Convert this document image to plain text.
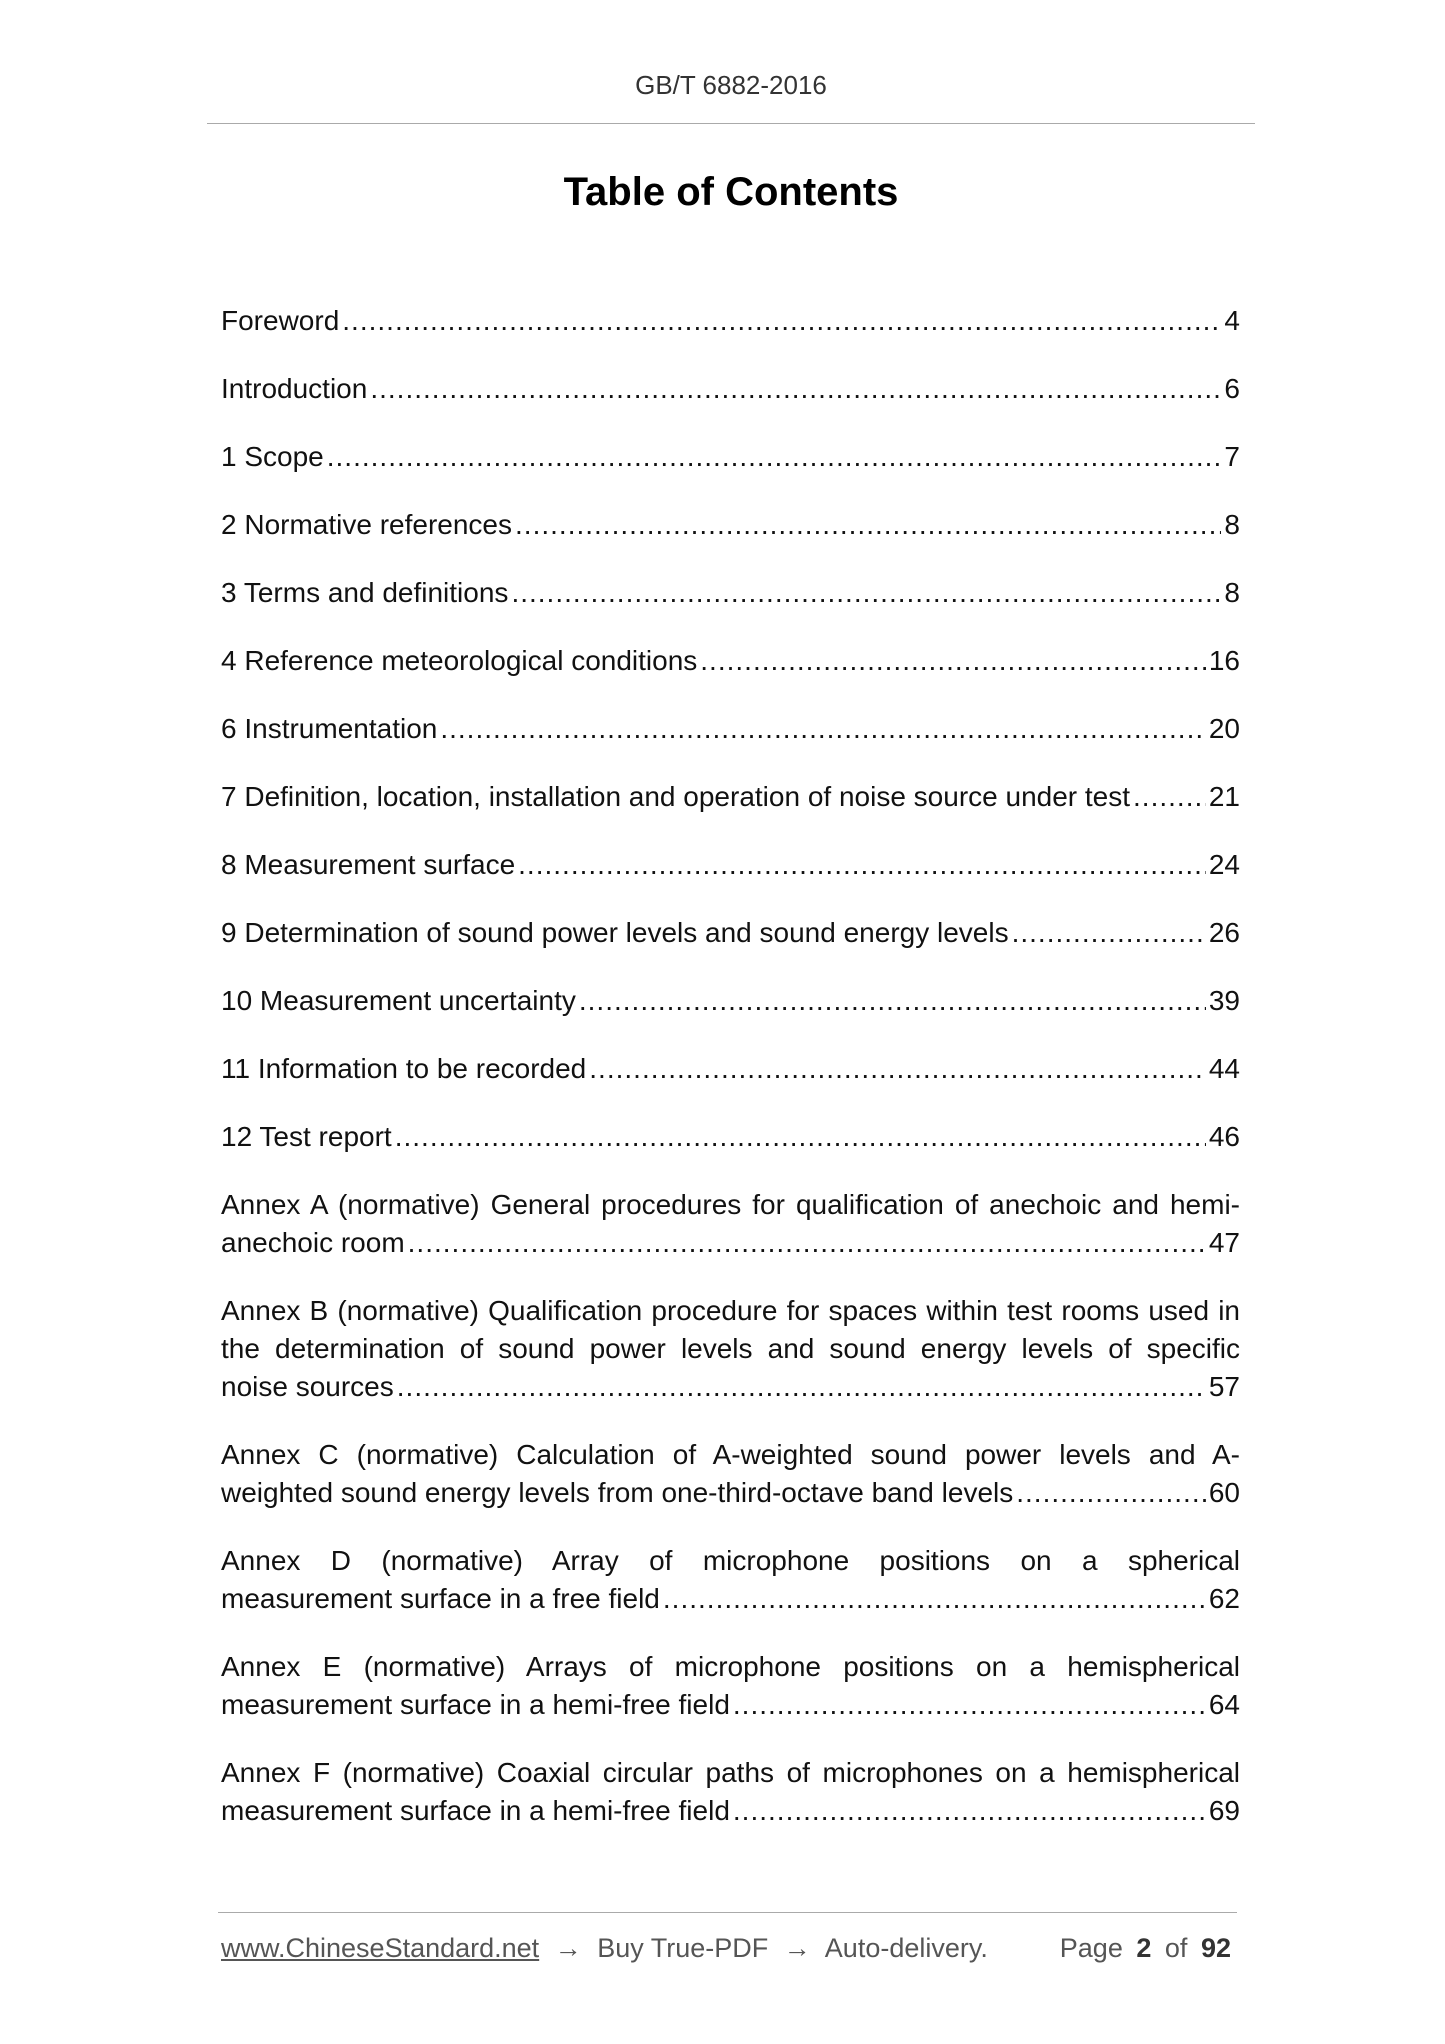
GB/T 6882-2016
Table of Contents
Foreword
.....	4
Introduction
.....	6
1 Scope
.....	7
2 Normative references
.....	8
3 Terms and definitions
.....	8
4 Reference meteorological conditions
.....	16
6 Instrumentation
.....	20
7 Definition, location, installation and operation of noise source under test
.....	21
8 Measurement surface
.....	24
9 Determination of sound power levels and sound energy levels
.....	26
10 Measurement uncertainty
.....	39
11 Information to be recorded
.....	44
12 Test report
.....	46
Annex A (normative) General procedures for qualification of anechoic and hemi-
anechoic room
.....	47
Annex B (normative) Qualification procedure for spaces within test rooms used in the determination of sound power levels and sound energy levels of specific
noise sources
.....	57
Annex C (normative) Calculation of A-weighted sound power levels and A-
weighted sound energy levels from one-third-octave band levels
.....	60
Annex D (normative) Array of microphone positions on a spherical
measurement surface in a free field
.....	62
Annex E (normative) Arrays of microphone positions on a hemispherical
measurement surface in a hemi-free field
.....	64
Annex F (normative) Coaxial circular paths of microphones on a hemispherical
measurement surface in a hemi-free field
.....	69
www.ChineseStandard.net → Buy True-PDF → Auto-delivery.	Page 2 of 92
